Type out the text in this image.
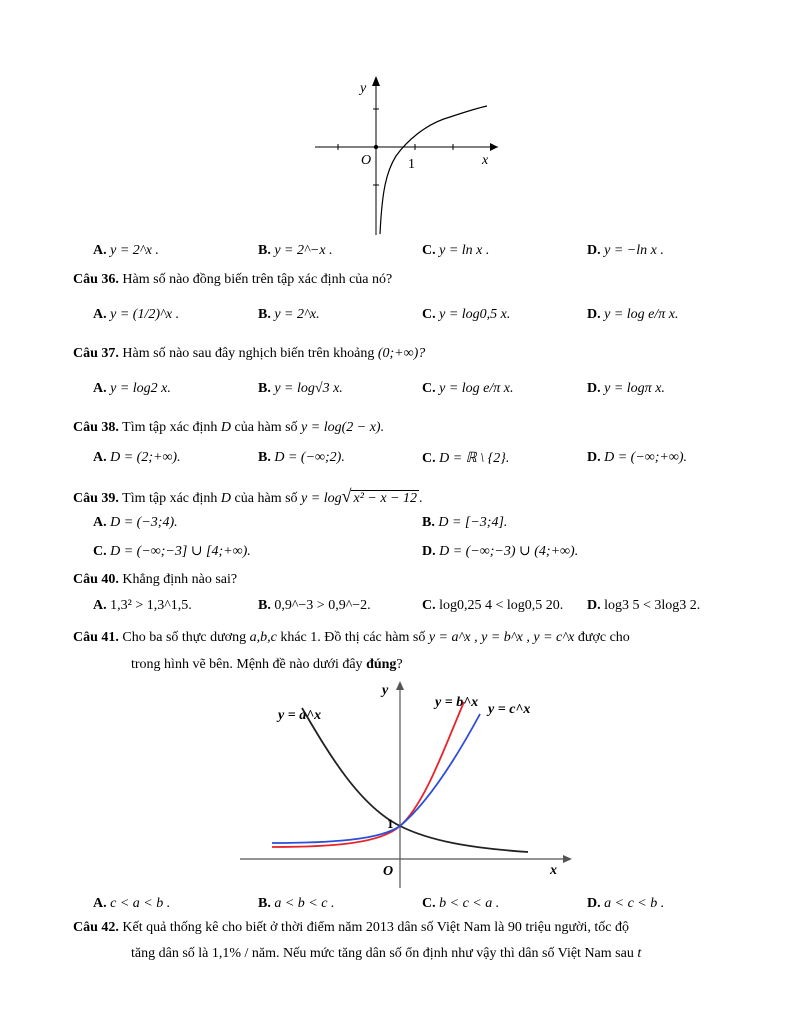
y
x
O	1
A. y = 2^x .	B. y = 2^−x .	C. y = ln x .	D. y = −ln x .
Câu 36. Hàm số nào đồng biến trên tập xác định của nó?
A. y = (1/2)^x .	B. y = 2^x.	C. y = log0,5 x.	D. y = log e/π x.
Câu 37. Hàm số nào sau đây nghịch biến trên khoảng (0;+∞)?
A. y = log2 x.	B. y = log√3 x.	C. y = log e/π x.	D. y = logπ x.
Câu 38. Tìm tập xác định D của hàm số y = log(2 − x).
A. D = (2;+∞).	B. D = (−∞;2).	C. D = ℝ \ {2}.	D. D = (−∞;+∞).
Câu 39. Tìm tập xác định D của hàm số y = log√ x² − x − 12 .
A. D = (−3;4).	B. D = [−3;4].
C. D = (−∞;−3] ∪ [4;+∞).	D. D = (−∞;−3) ∪ (4;+∞).
Câu 40. Khẳng định nào sai?
A. 1,3² > 1,3^1,5.	B. 0,9^−3 > 0,9^−2.	C. log0,25 4 < log0,5 20. D. log3 5 < 3log3 2.
Câu 41. Cho ba số thực dương a,b,c khác 1. Đồ thị các hàm số y = a^x , y = b^x , y = c^x được cho
trong hình vẽ bên. Mệnh đề nào dưới đây đúng?
y = a^x
y = b^x y = c^x
y
x
O
1
A. c < a < b .	B. a < b < c .	C. b < c < a .	D. a < c < b .
Câu 42. Kết quả thống kê cho biết ở thời điểm năm 2013 dân số Việt Nam là 90 triệu người, tốc độ
tăng dân số là 1,1% / năm. Nếu mức tăng dân số ổn định như vậy thì dân số Việt Nam sau t
